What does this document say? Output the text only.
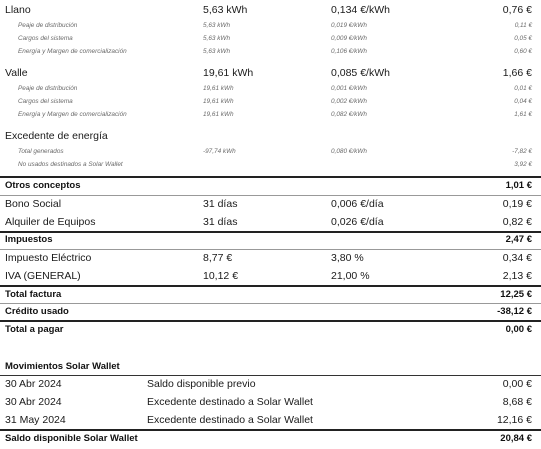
Llano	5,63 kWh	0,134 €/kWh	0,76 €
Peaje de distribución	5,63 kWh	0,019 €/kWh	0,11 €
Cargos del sistema	5,63 kWh	0,009 €/kWh	0,05 €
Energía y Margen de comercialización	5,63 kWh	0,106 €/kWh	0,60 €
Valle	19,61 kWh	0,085 €/kWh	1,66 €
Peaje de distribución	19,61 kWh	0,001 €/kWh	0,01 €
Cargos del sistema	19,61 kWh	0,002 €/kWh	0,04 €
Energía y Margen de comercialización	19,61 kWh	0,082 €/kWh	1,61 €
Excedente de energía
Total generados	-97,74 kWh	0,080 €/kWh	-7,82 €
No usados destinados a Solar Wallet	3,92 €
Otros conceptos	1,01 €
Bono Social	31 días	0,006 €/día	0,19 €
Alquiler de Equipos	31 días	0,026 €/día	0,82 €
Impuestos	2,47 €
Impuesto Eléctrico	8,77 €	3,80 %	0,34 €
IVA (GENERAL)	10,12 €	21,00 %	2,13 €
Total factura	12,25 €
Crédito usado	-38,12 €
Total a pagar	0,00 €
Movimientos Solar Wallet
30 Abr 2024	Saldo disponible previo	0,00 €
30 Abr 2024	Excedente destinado a Solar Wallet	8,68 €
31 May 2024	Excedente destinado a Solar Wallet	12,16 €
Saldo disponible Solar Wallet	20,84 €
